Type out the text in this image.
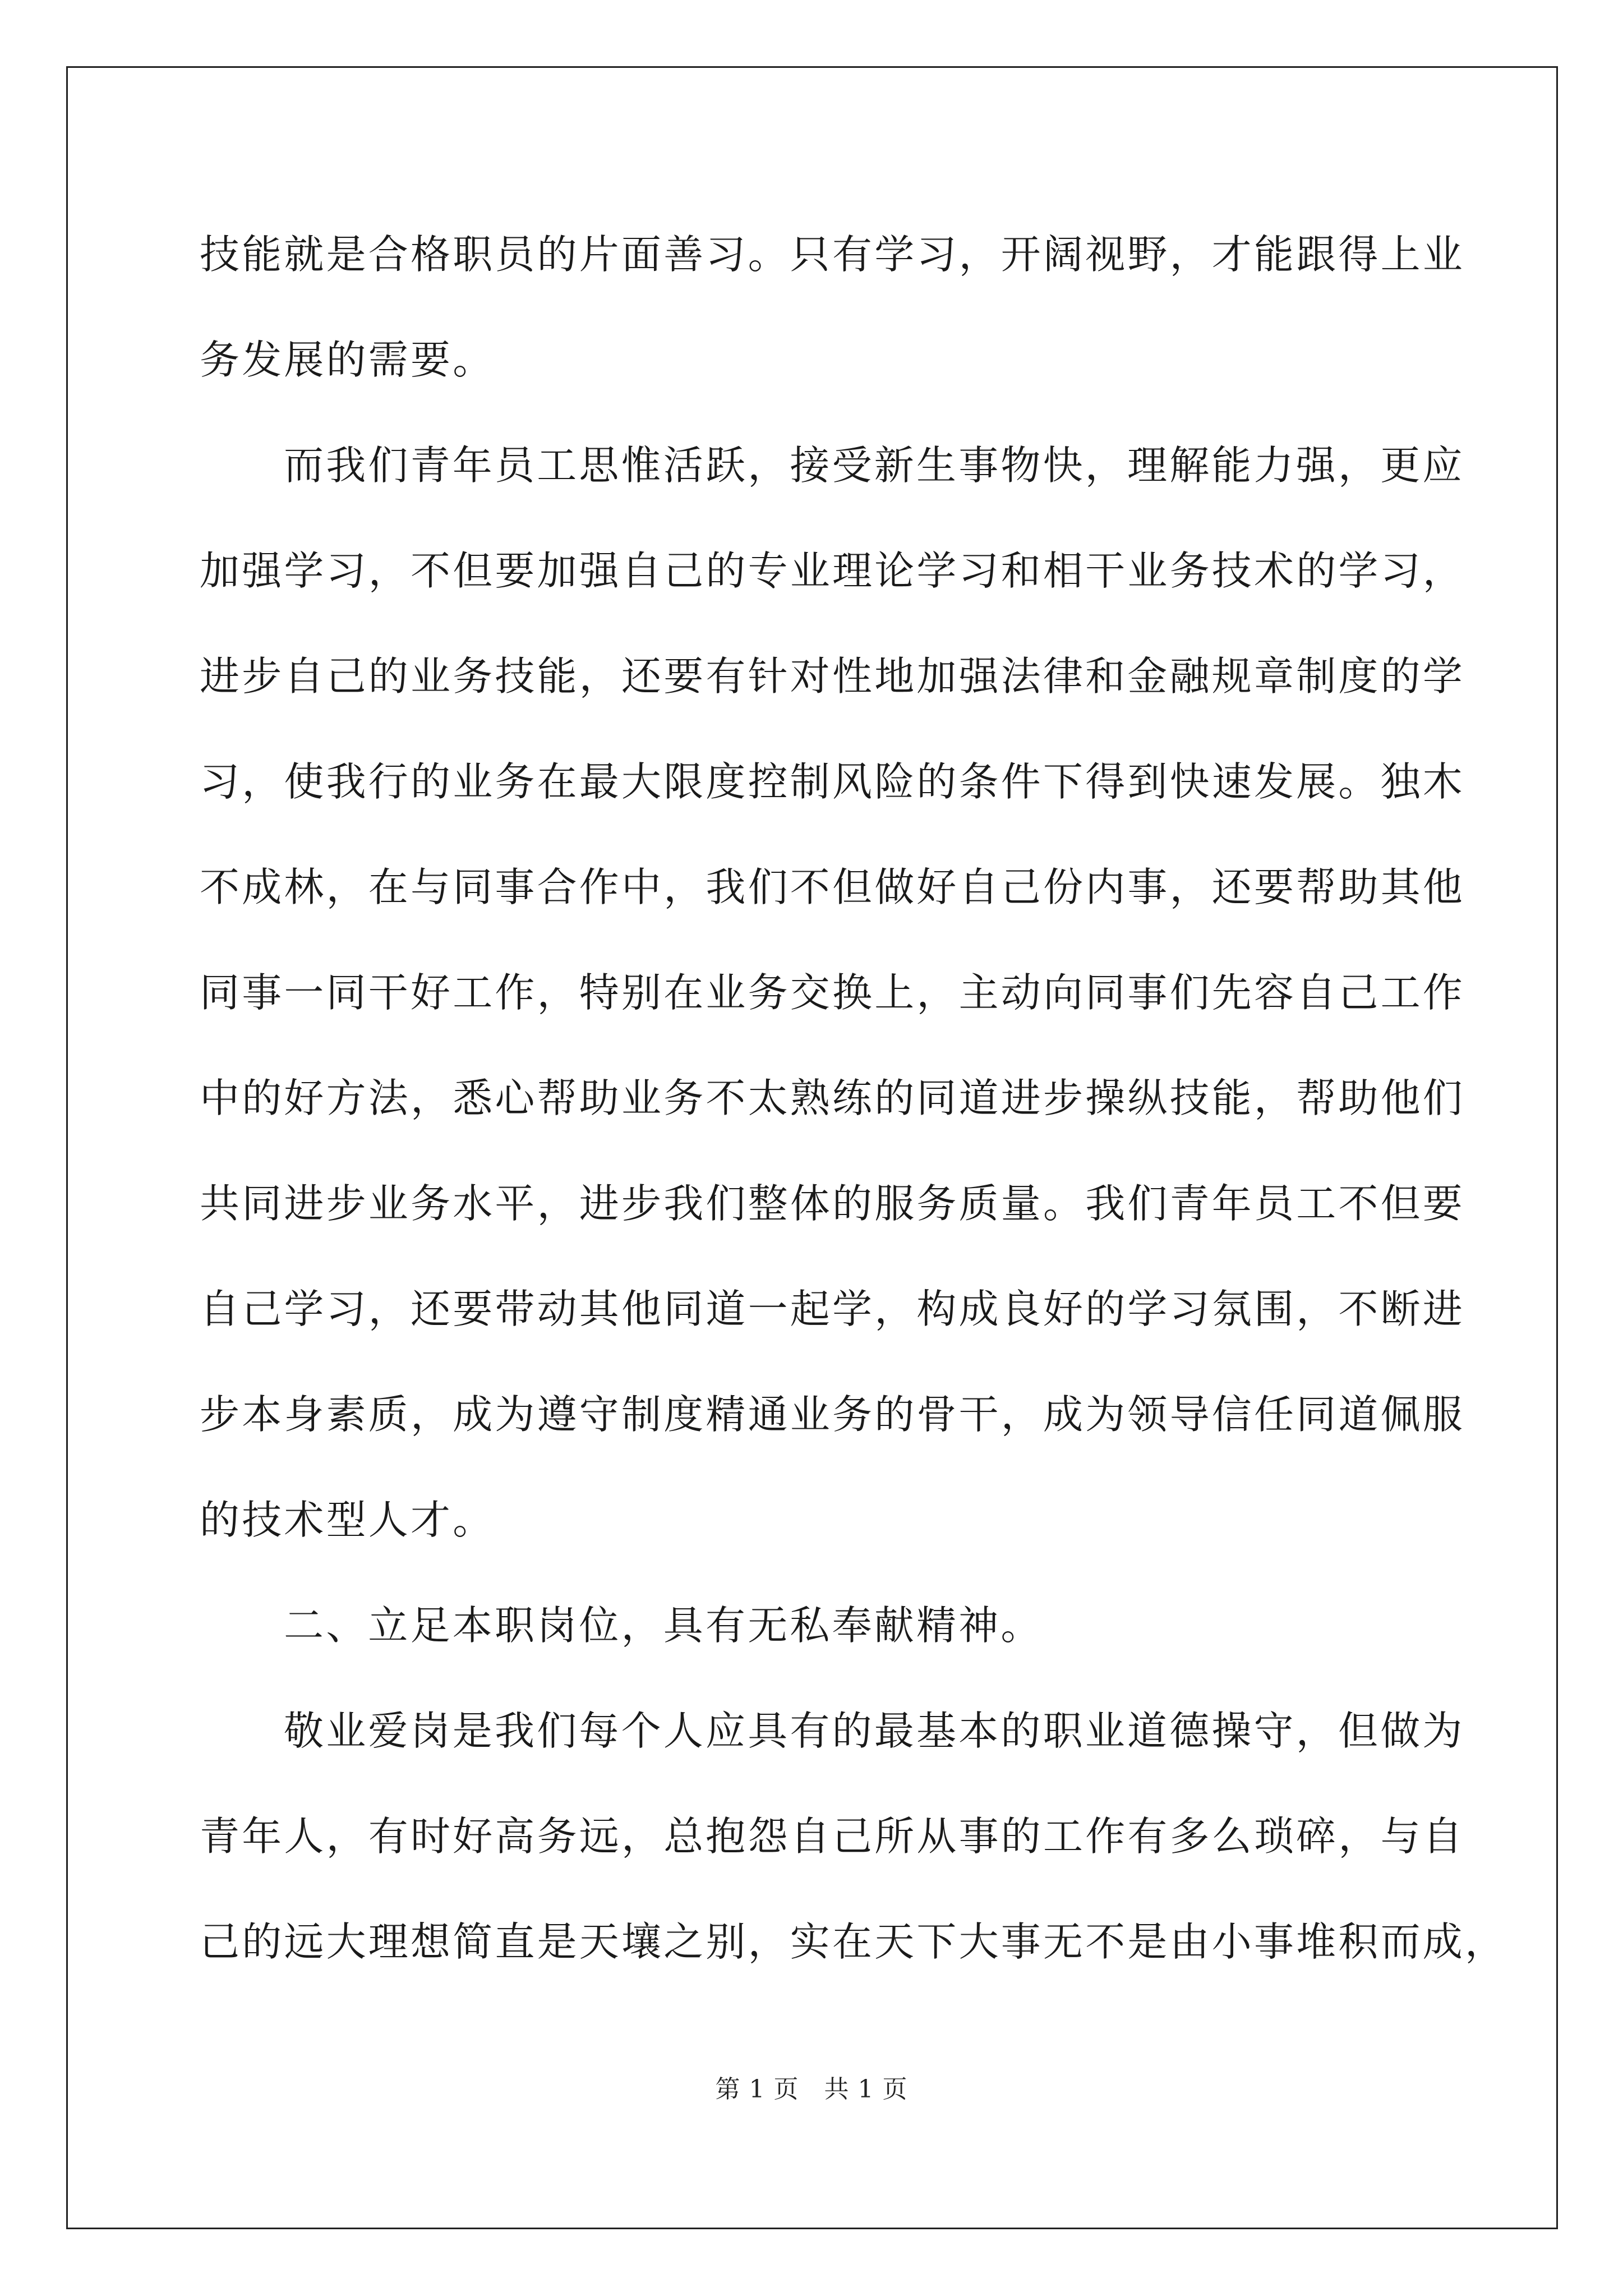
技能就是合格职员的片面善习。只有学习，开阔视野，才能跟得上业
务发展的需要。
而我们青年员工思惟活跃，接受新生事物快，理解能力强，更应
加强学习，不但要加强自己的专业理论学习和相干业务技术的学习，
进步自己的业务技能，还要有针对性地加强法律和金融规章制度的学
习，使我行的业务在最大限度控制风险的条件下得到快速发展。独木
不成林，在与同事合作中，我们不但做好自己份内事，还要帮助其他
同事一同干好工作，特别在业务交换上，主动向同事们先容自己工作
中的好方法，悉心帮助业务不太熟练的同道进步操纵技能，帮助他们
共同进步业务水平，进步我们整体的服务质量。我们青年员工不但要
自己学习，还要带动其他同道一起学，构成良好的学习氛围，不断进
步本身素质，成为遵守制度精通业务的骨干，成为领导信任同道佩服
的技术型人才。
二、立足本职岗位，具有无私奉献精神。
敬业爱岗是我们每个人应具有的最基本的职业道德操守，但做为
青年人，有时好高务远，总抱怨自己所从事的工作有多么琐碎，与自
己的远大理想简直是天壤之别，实在天下大事无不是由小事堆积而成，
第 1 页　共 1 页
